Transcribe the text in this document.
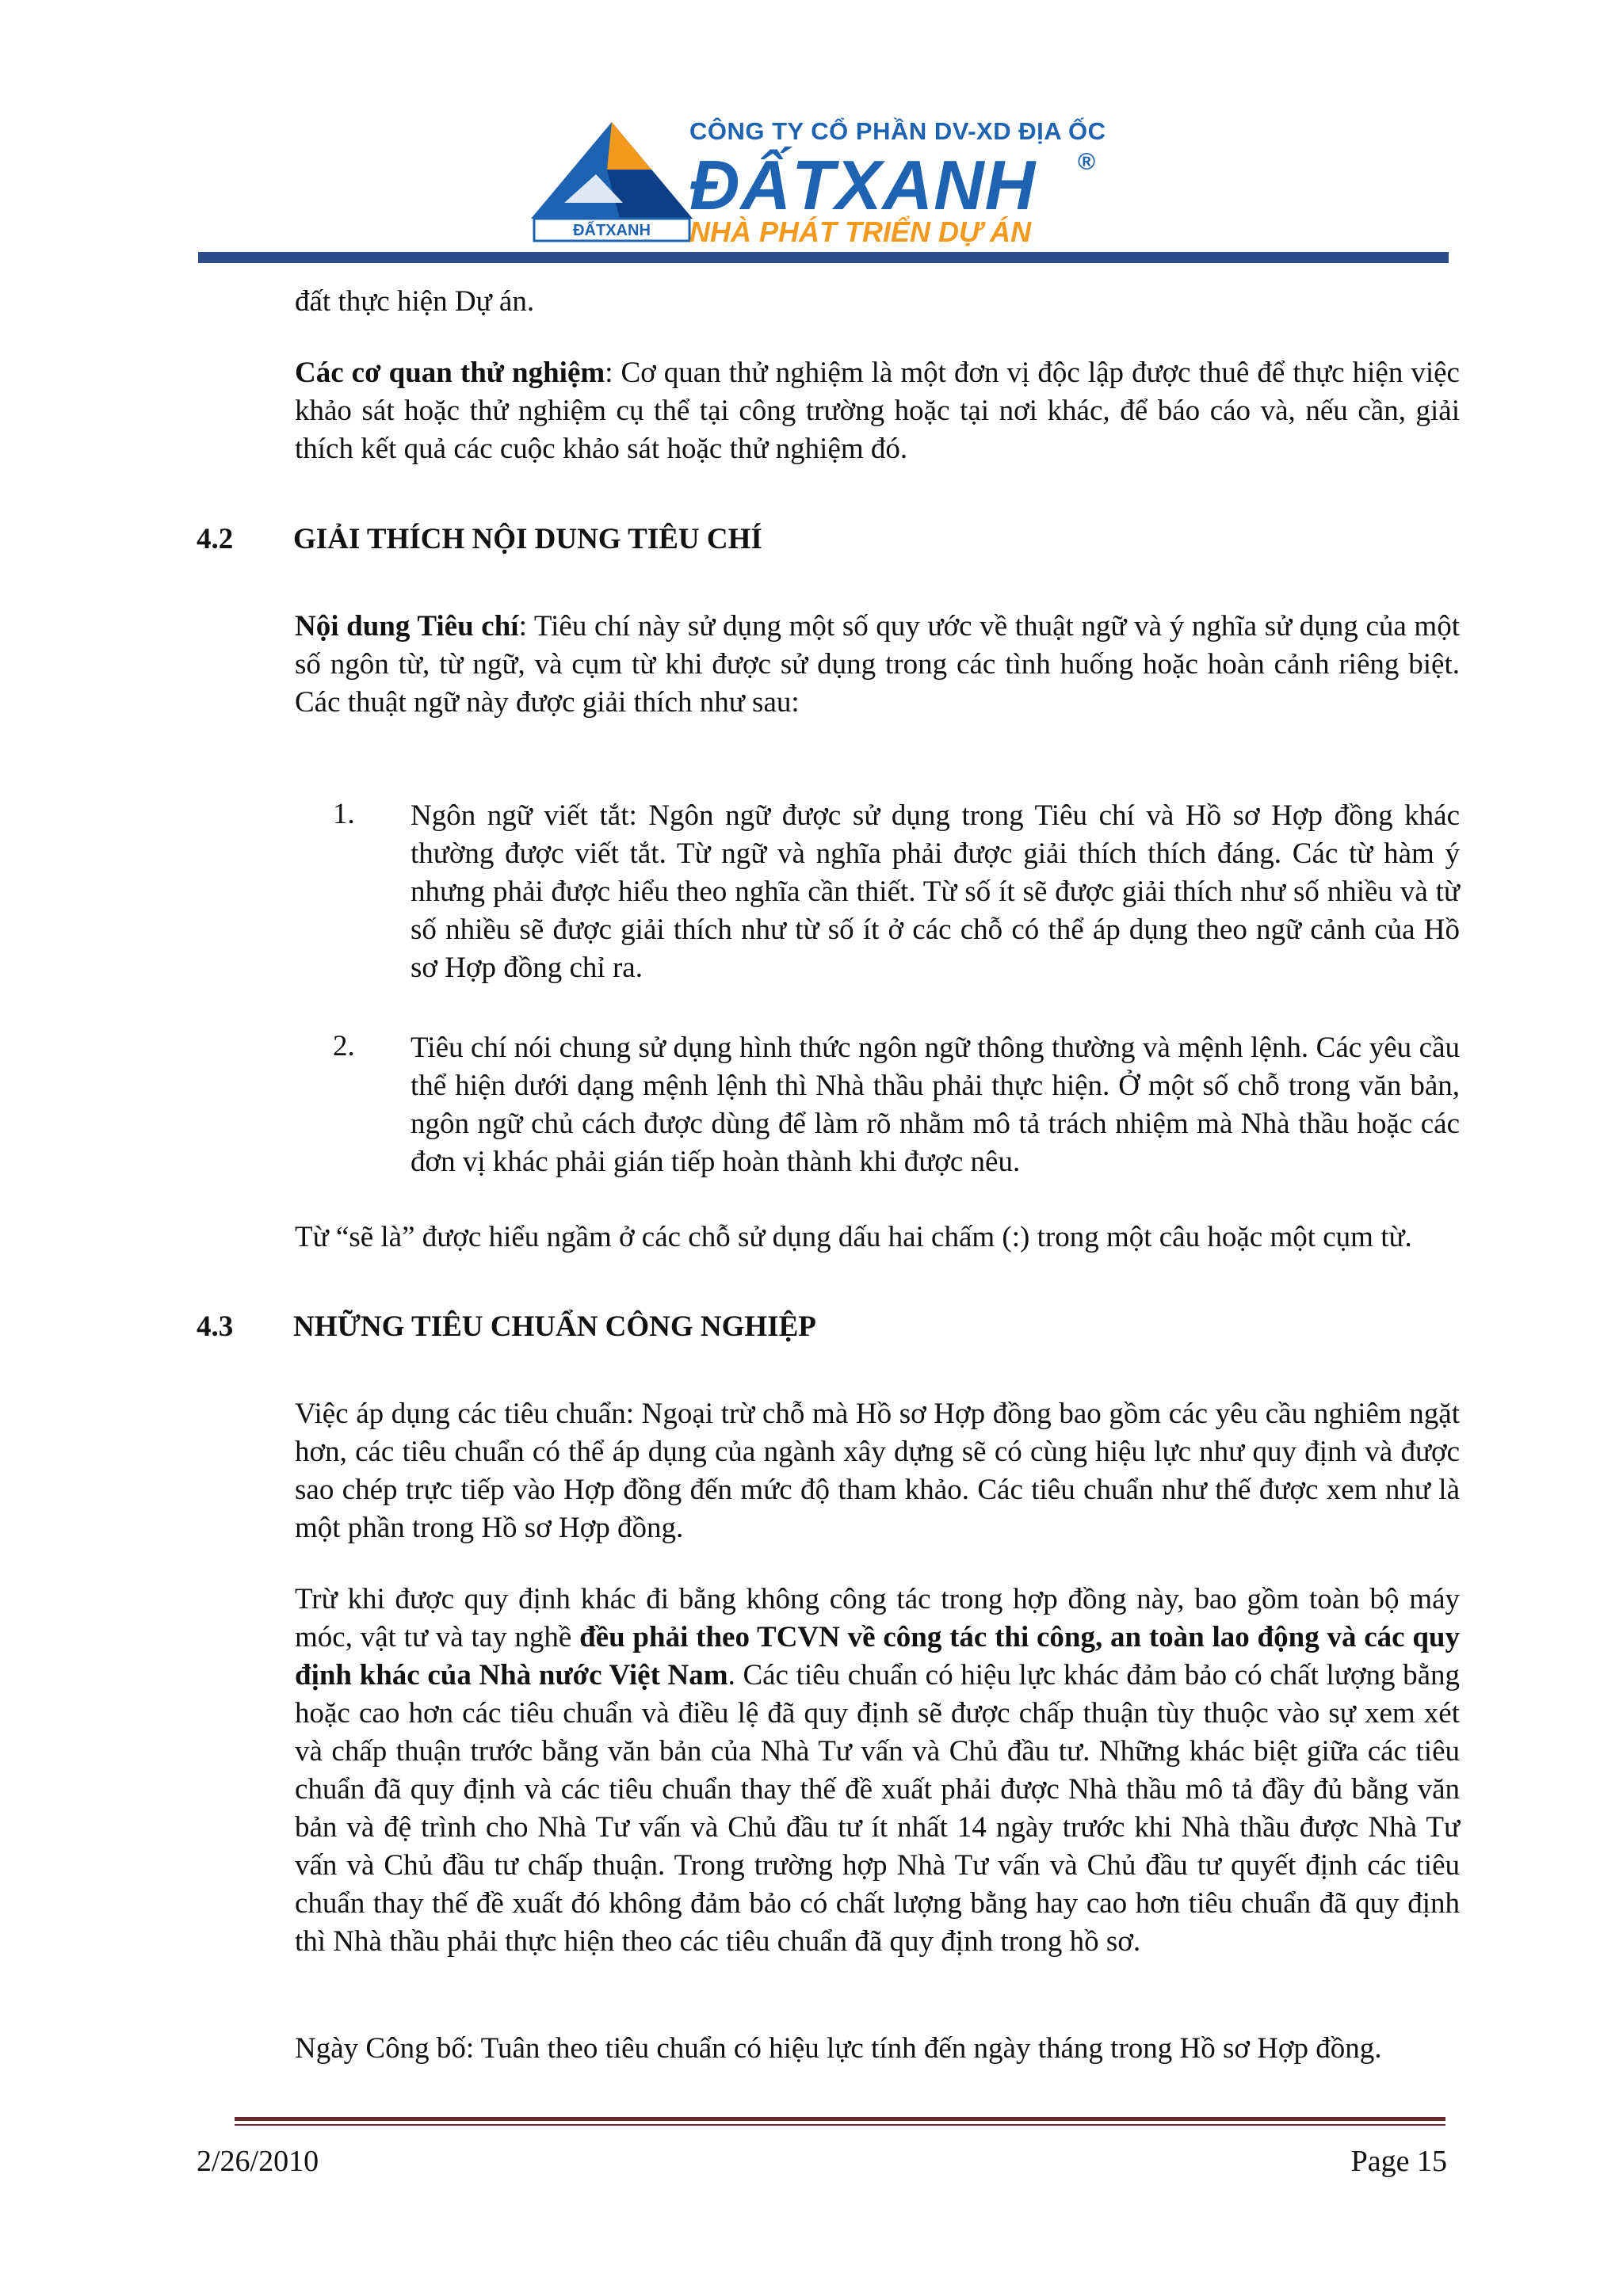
ĐẤTXANH
CÔNG TY CỔ PHẦN DV-XD ĐỊA ỐC
ĐẤTXANH ®
NHÀ PHÁT TRIỂN DỰ ÁN
đất thực hiện Dự án.
Các cơ quan thử nghiệm: Cơ quan thử nghiệm là một đơn vị độc lập được thuê để thực hiện việc khảo sát hoặc thử nghiệm cụ thể tại công trường hoặc tại nơi khác, để báo cáo và, nếu cần, giải thích kết quả các cuộc khảo sát hoặc thử nghiệm đó.
4.2 GIẢI THÍCH NỘI DUNG TIÊU CHÍ
Nội dung Tiêu chí: Tiêu chí này sử dụng một số quy ước về thuật ngữ và ý nghĩa sử dụng của một số ngôn từ, từ ngữ, và cụm từ khi được sử dụng trong các tình huống hoặc hoàn cảnh riêng biệt. Các thuật ngữ này được giải thích như sau:
1. Ngôn ngữ viết tắt: Ngôn ngữ được sử dụng trong Tiêu chí và Hồ sơ Hợp đồng khác thường được viết tắt. Từ ngữ và nghĩa phải được giải thích thích đáng. Các từ hàm ý nhưng phải được hiểu theo nghĩa cần thiết. Từ số ít sẽ được giải thích như số nhiều và từ số nhiều sẽ được giải thích như từ số ít ở các chỗ có thể áp dụng theo ngữ cảnh của Hồ sơ Hợp đồng chỉ ra.
2. Tiêu chí nói chung sử dụng hình thức ngôn ngữ thông thường và mệnh lệnh. Các yêu cầu thể hiện dưới dạng mệnh lệnh thì Nhà thầu phải thực hiện. Ở một số chỗ trong văn bản, ngôn ngữ chủ cách được dùng để làm rõ nhằm mô tả trách nhiệm mà Nhà thầu hoặc các đơn vị khác phải gián tiếp hoàn thành khi được nêu.
Từ “sẽ là” được hiểu ngầm ở các chỗ sử dụng dấu hai chấm (:) trong một câu hoặc một cụm từ.
4.3 NHỮNG TIÊU CHUẨN CÔNG NGHIỆP
Việc áp dụng các tiêu chuẩn: Ngoại trừ chỗ mà Hồ sơ Hợp đồng bao gồm các yêu cầu nghiêm ngặt hơn, các tiêu chuẩn có thể áp dụng của ngành xây dựng sẽ có cùng hiệu lực như quy định và được sao chép trực tiếp vào Hợp đồng đến mức độ tham khảo. Các tiêu chuẩn như thế được xem như là một phần trong Hồ sơ Hợp đồng.
Trừ khi được quy định khác đi bằng không công tác trong hợp đồng này, bao gồm toàn bộ máy móc, vật tư và tay nghề đều phải theo TCVN về công tác thi công, an toàn lao động và các quy định khác của Nhà nước Việt Nam. Các tiêu chuẩn có hiệu lực khác đảm bảo có chất lượng bằng hoặc cao hơn các tiêu chuẩn và điều lệ đã quy định sẽ được chấp thuận tùy thuộc vào sự xem xét và chấp thuận trước bằng văn bản của Nhà Tư vấn và Chủ đầu tư. Những khác biệt giữa các tiêu chuẩn đã quy định và các tiêu chuẩn thay thế đề xuất phải được Nhà thầu mô tả đầy đủ bằng văn bản và đệ trình cho Nhà Tư vấn và Chủ đầu tư ít nhất 14 ngày trước khi Nhà thầu được Nhà Tư vấn và Chủ đầu tư chấp thuận. Trong trường hợp Nhà Tư vấn và Chủ đầu tư quyết định các tiêu chuẩn thay thế đề xuất đó không đảm bảo có chất lượng bằng hay cao hơn tiêu chuẩn đã quy định thì Nhà thầu phải thực hiện theo các tiêu chuẩn đã quy định trong hồ sơ.
Ngày Công bố: Tuân theo tiêu chuẩn có hiệu lực tính đến ngày tháng trong Hồ sơ Hợp đồng.
2/26/2010	Page 15
